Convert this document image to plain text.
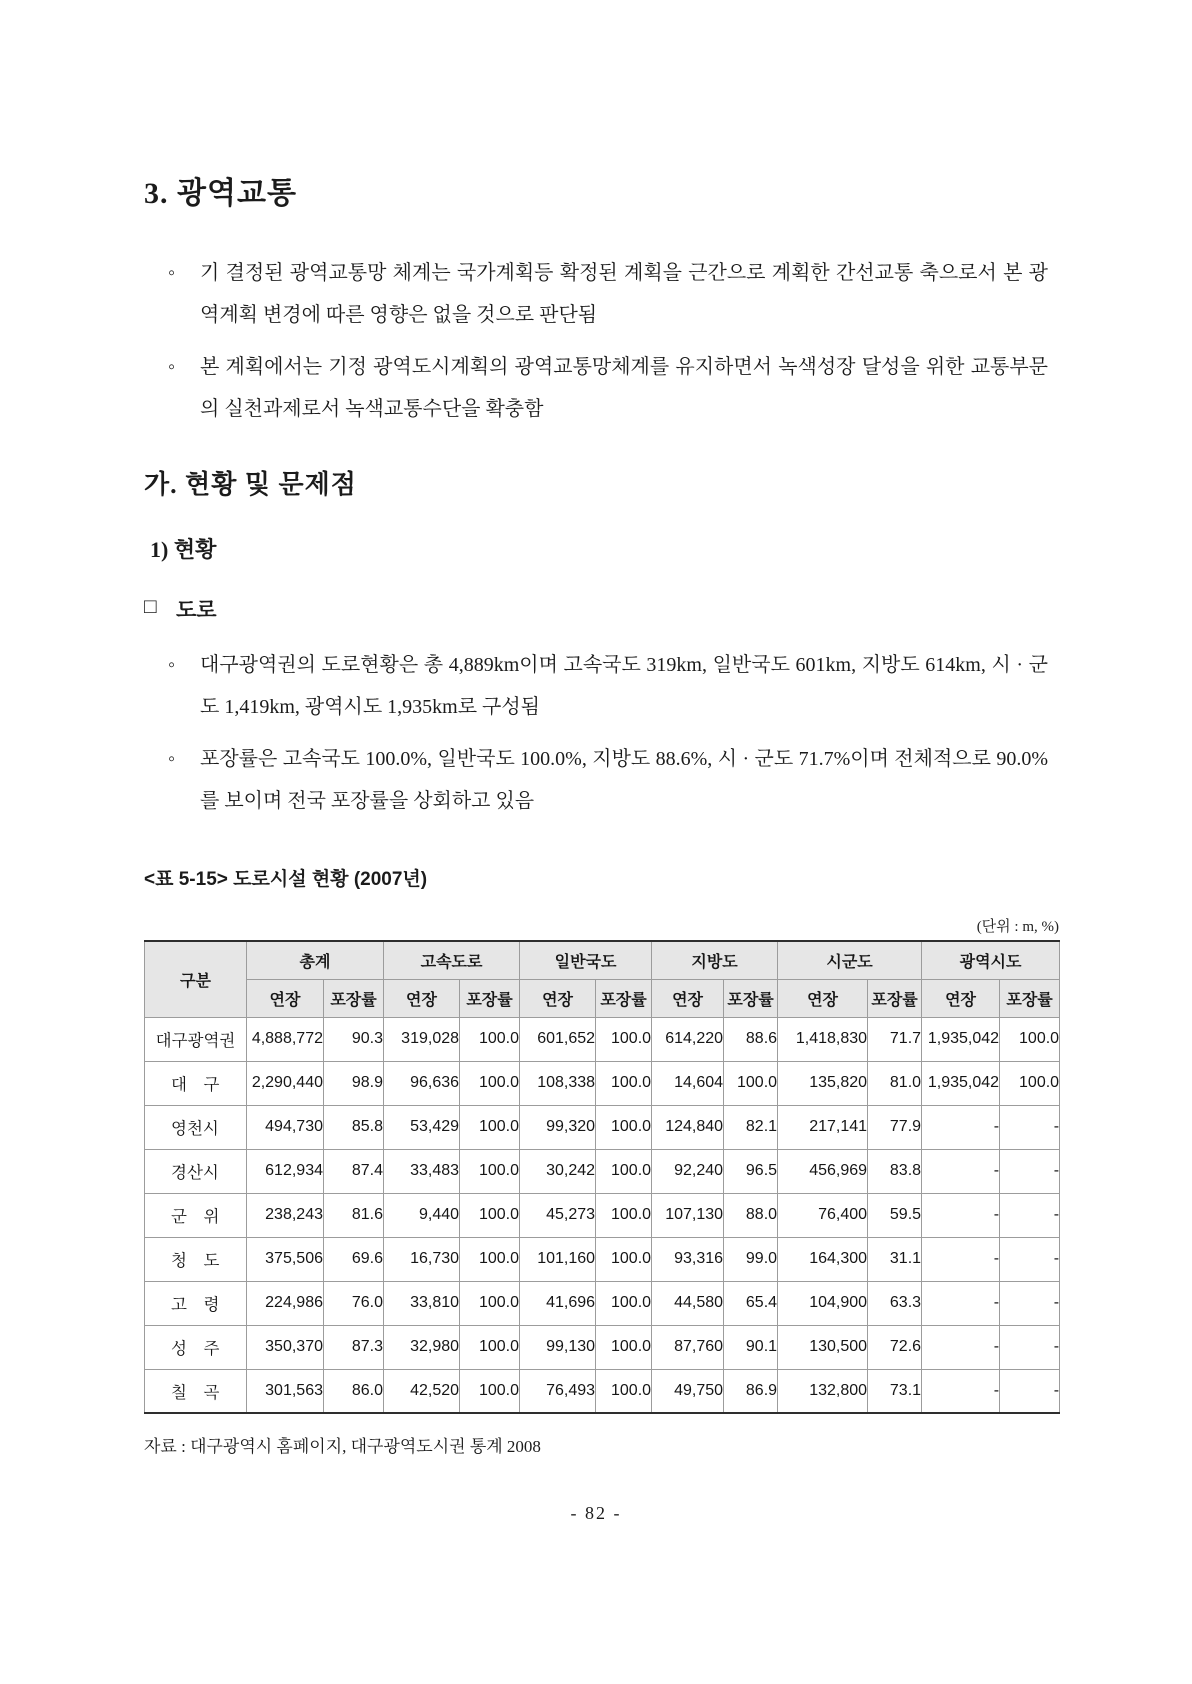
3. 광역교통
◦	기 결정된 광역교통망 체계는 국가계획등 확정된 계획을 근간으로 계획한 간선교통 축으로서 본 광역계획 변경에 따른 영향은 없을 것으로 판단됨
◦	본 계획에서는 기정 광역도시계획의 광역교통망체계를 유지하면서 녹색성장 달성을 위한 교통부문의 실천과제로서 녹색교통수단을 확충함
가. 현황 및 문제점
1) 현황
□ 도로
◦	대구광역권의 도로현황은 총 4,889km이며 고속국도 319km, 일반국도 601km, 지방도 614km, 시 · 군도 1,419km, 광역시도 1,935km로 구성됨
◦	포장률은 고속국도 100.0%, 일반국도 100.0%, 지방도 88.6%, 시 · 군도 71.7%이며 전체적으로 90.0%를 보이며 전국 포장률을 상회하고 있음
<표 5-15> 도로시설 현황 (2007년)
(단위 : m, %)
구분	총계		고속도로		일반국도		지방도		시군도		광역시도	
	연장	포장률	연장	포장률	연장	포장률	연장	포장률	연장	포장률	연장	포장률
대구광역권	4,888,772	90.3	319,028	100.0	601,652	100.0	614,220	88.6	1,418,830	71.7	1,935,042	100.0
대　구	2,290,440	98.9	96,636	100.0	108,338	100.0	14,604	100.0	135,820	81.0	1,935,042	100.0
영천시	494,730	85.8	53,429	100.0	99,320	100.0	124,840	82.1	217,141	77.9	-	-
경산시	612,934	87.4	33,483	100.0	30,242	100.0	92,240	96.5	456,969	83.8	-	-
군　위	238,243	81.6	9,440	100.0	45,273	100.0	107,130	88.0	76,400	59.5	-	-
청　도	375,506	69.6	16,730	100.0	101,160	100.0	93,316	99.0	164,300	31.1	-	-
고　령	224,986	76.0	33,810	100.0	41,696	100.0	44,580	65.4	104,900	63.3	-	-
성　주	350,370	87.3	32,980	100.0	99,130	100.0	87,760	90.1	130,500	72.6	-	-
칠　곡	301,563	86.0	42,520	100.0	76,493	100.0	49,750	86.9	132,800	73.1	-	-
자료 : 대구광역시 홈페이지, 대구광역도시권 통계 2008
- 82 -
